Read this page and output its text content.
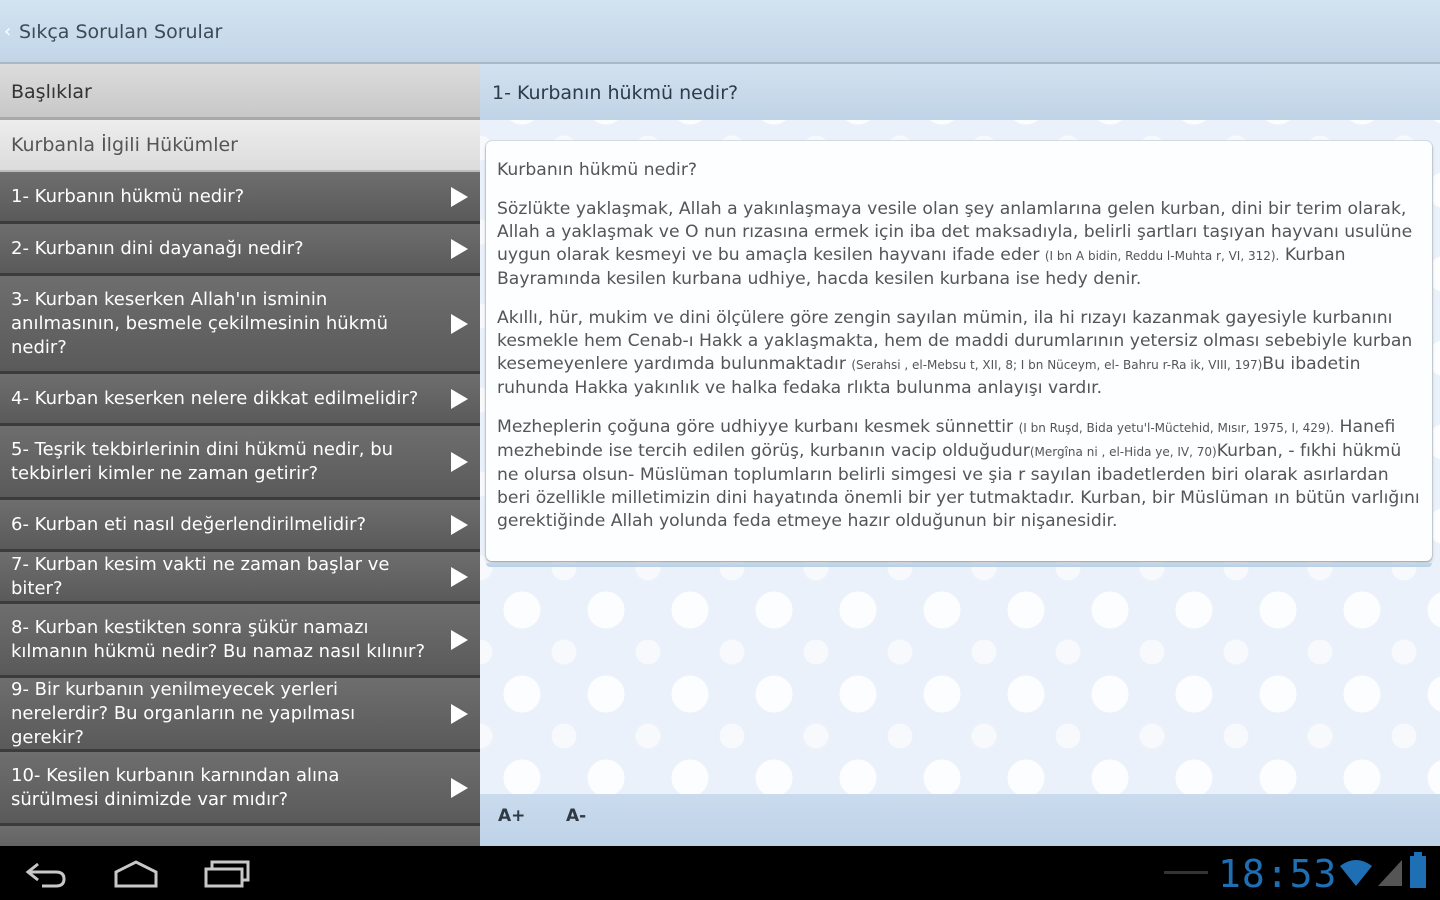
‹ Sıkça Sorulan Sorular
Başlıklar
Kurbanla İlgili Hükümler
1- Kurbanın hükmü nedir?
2- Kurbanın dini dayanağı nedir?
3- Kurban keserken Allah'ın isminin anılmasının, besmele çekilmesinin hükmü nedir?
4- Kurban keserken nelere dikkat edilmelidir?
5- Teşrik tekbirlerinin dini hükmü nedir, bu tekbirleri kimler ne zaman getirir?
6- Kurban eti nasıl değerlendirilmelidir?
7- Kurban kesim vakti ne zaman başlar ve biter?
8- Kurban kestikten sonra şükür namazı kılmanın hükmü nedir? Bu namaz nasıl kılınır?
9- Bir kurbanın yenilmeyecek yerleri nerelerdir? Bu organların ne yapılması gerekir?
10- Kesilen kurbanın karnından alına sürülmesi dinimizde var mıdır?
1- Kurbanın hükmü nedir?

Kurbanın hükmü nedir?

Sözlükte yaklaşmak, Allah a yakınlaşmaya vesile olan şey anlamlarına gelen kurban, dini bir terim olarak, Allah a yaklaşmak ve O nun rızasına ermek için iba det maksadıyla, belirli şartları taşıyan hayvanı usulüne uygun olarak kesmeyi ve bu amaçla kesilen hayvanı ifade eder (I bn A bidin, Reddu l-Muhta r, VI, 312). Kurban Bayramında kesilen kurbana udhiye, hacda kesilen kurbana ise hedy denir.

Akıllı, hür, mukim ve dini ölçülere göre zengin sayılan mümin, ila hi rızayı kazanmak gayesiyle kurbanını kesmekle hem Cenab-ı Hakk a yaklaşmakta, hem de maddi durumlarının yetersiz olması sebebiyle kurban kesemeyenlere yardımda bulunmaktadır (Serahsi , el-Mebsu t, XII, 8; I bn Nüceym, el- Bahru r-Ra ik, VIII, 197)Bu ibadetin ruhunda Hakka yakınlık ve halka fedaka rlıkta bulunma anlayışı vardır.

Mezheplerin çoğuna göre udhiyye kurbanı kesmek sünnettir (I bn Ruşd, Bida yetu'l-Müctehid, Mısır, 1975, I, 429). Hanefi mezhebinde ise tercih edilen görüş, kurbanın vacip olduğudur(Mergîna ni , el-Hida ye, IV, 70)Kurban, - fıkhi hükmü ne olursa olsun- Müslüman toplumların belirli simgesi ve şia r sayılan ibadetlerden biri olarak asırlardan beri özellikle milletimizin dini hayatında önemli bir yer tutmaktadır. Kurban, bir Müslüman ın bütün varlığını gerektiğinde Allah yolunda feda etmeye hazır olduğunun bir nişanesidir.

A+ A-
18:53
